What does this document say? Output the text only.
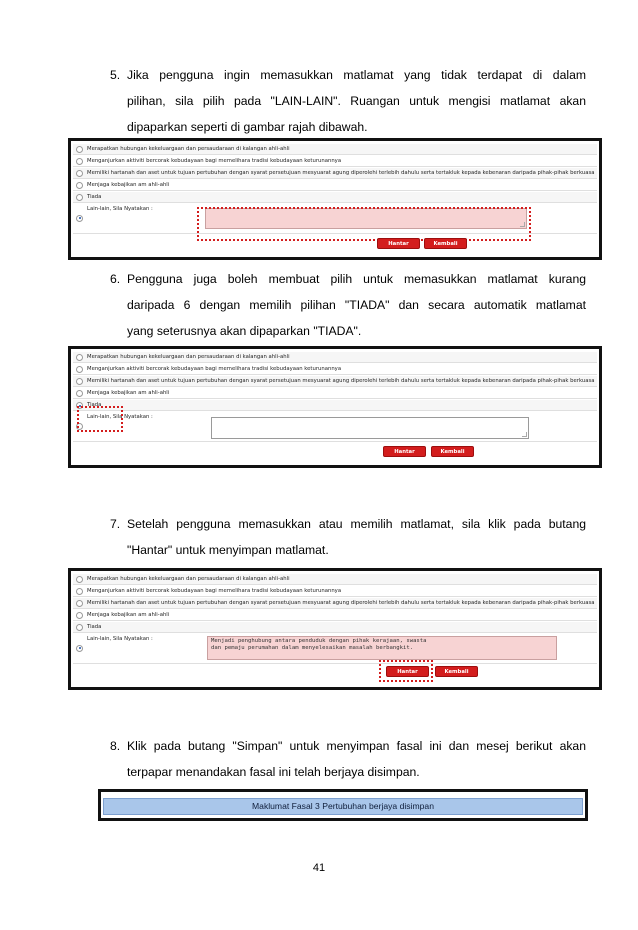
5. Jika pengguna ingin memasukkan matlamat yang tidak terdapat di dalam
pilihan, sila pilih pada "LAIN-LAIN". Ruangan untuk mengisi matlamat akan
dipaparkan seperti di gambar rajah dibawah.
Merapatkan hubungan kekeluargaan dan persaudaraan di kalangan ahli-ahli
Menganjurkan aktiviti bercorak kebudayaan bagi memelihara tradisi kebudayaan keturunannya
Memiliki hartanah dan aset untuk tujuan pertubuhan dengan syarat persetujuan mesyuarat agung diperolehi terlebih dahulu serta tertakluk kepada kebenaran daripada pihak-pihak berkuasa
Menjaga kebajikan am ahli-ahli
Tiada
Lain-lain, Sila Nyatakan :
Hantar	Kembali
6. Pengguna juga boleh membuat pilih untuk memasukkan matlamat kurang
daripada 6 dengan memilih pilihan "TIADA" dan secara automatik matlamat
yang seterusnya akan dipaparkan "TIADA".
Merapatkan hubungan kekeluargaan dan persaudaraan di kalangan ahli-ahli
Menganjurkan aktiviti bercorak kebudayaan bagi memelihara tradisi kebudayaan keturunannya
Memiliki hartanah dan aset untuk tujuan pertubuhan dengan syarat persetujuan mesyuarat agung diperolehi terlebih dahulu serta tertakluk kepada kebenaran daripada pihak-pihak berkuasa
Menjaga kebajikan am ahli-ahli
Tiada
Lain-lain, Sila Nyatakan :
Hantar	Kembali
7. Setelah pengguna memasukkan atau memilih matlamat, sila klik pada butang
"Hantar" untuk menyimpan matlamat.
Merapatkan hubungan kekeluargaan dan persaudaraan di kalangan ahli-ahli
Menganjurkan aktiviti bercorak kebudayaan bagi memelihara tradisi kebudayaan keturunannya
Memiliki hartanah dan aset untuk tujuan pertubuhan dengan syarat persetujuan mesyuarat agung diperolehi terlebih dahulu serta tertakluk kepada kebenaran daripada pihak-pihak berkuasa
Menjaga kebajikan am ahli-ahli
Tiada
Lain-lain, Sila Nyatakan :	Menjadi penghubung antara penduduk dengan pihak kerajaan, swasta
dan pemaju perumahan dalam menyelesaikan masalah berbangkit.
Hantar	Kembali
8. Klik pada butang "Simpan" untuk menyimpan fasal ini dan mesej berikut akan
terpapar menandakan fasal ini telah berjaya disimpan.
Maklumat Fasal 3 Pertubuhan berjaya disimpan
41
